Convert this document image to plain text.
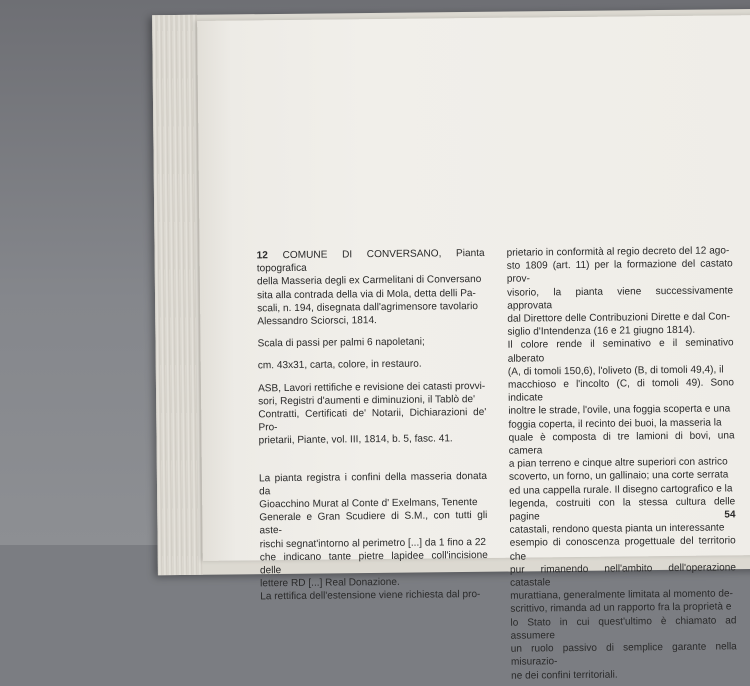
12 COMUNE DI CONVERSANO, Pianta topografica

della Masseria degli ex Carmelitani di Conversano

sita alla contrada della via di Mola, detta delli Pa-

scali, n. 194, disegnata dall'agrimensore tavolario

Alessandro Sciorsci, 1814.

Scala di passi per palmi 6 napoletani;

cm. 43x31, carta, colore, in restauro.

ASB, Lavori rettifiche e revisione dei catasti provvi-

sori, Registri d'aumenti e diminuzioni, il Tablò de'

Contratti, Certificati de' Notarii, Dichiarazioni de' Pro-

prietarii, Piante, vol. III, 1814, b. 5, fasc. 41.

La pianta registra i confini della masseria donata da

Gioacchino Murat al Conte d' Exelmans, Tenente

Generale e Gran Scudiere di S.M., con tutti gli aste-

rischi segnat'intorno al perimetro [...] da 1 fino a 22

che indicano tante pietre lapidee coll'incisione delle

lettere RD [...] Real Donazione.

La rettifica dell'estensione viene richiesta dal pro-

prietario in conformità al regio decreto del 12 ago-

sto 1809 (art. 11) per la formazione del castato prov-

visorio, la pianta viene successivamente approvata

dal Direttore delle Contribuzioni Dirette e dal Con-

siglio d'Intendenza (16 e 21 giugno 1814).

Il colore rende il seminativo e il seminativo alberato

(A, di tomoli 150,6), l'oliveto (B, di tomoli 49,4), il

macchioso e l'incolto (C, di tomoli 49). Sono indicate

inoltre le strade, l'ovile, una foggia scoperta e una

foggia coperta, il recinto dei buoi, la masseria la

quale è composta di tre lamioni di bovi, una camera

a pian terreno e cinque altre superiori con astrico

scoverto, un forno, un gallinaio; una corte serrata

ed una cappella rurale. Il disegno cartografico e la

legenda, costruiti con la stessa cultura delle pagine

catastali, rendono questa pianta un interessante

esempio di conoscenza progettuale del territorio che

pur rimanendo nell'ambito dell'operazione catastale

murattiana, generalmente limitata al momento de-

scrittivo, rimanda ad un rapporto fra la proprietà e

lo Stato in cui quest'ultimo è chiamato ad assumere

un ruolo passivo di semplice garante nella misurazio-

ne dei confini territoriali.

54
